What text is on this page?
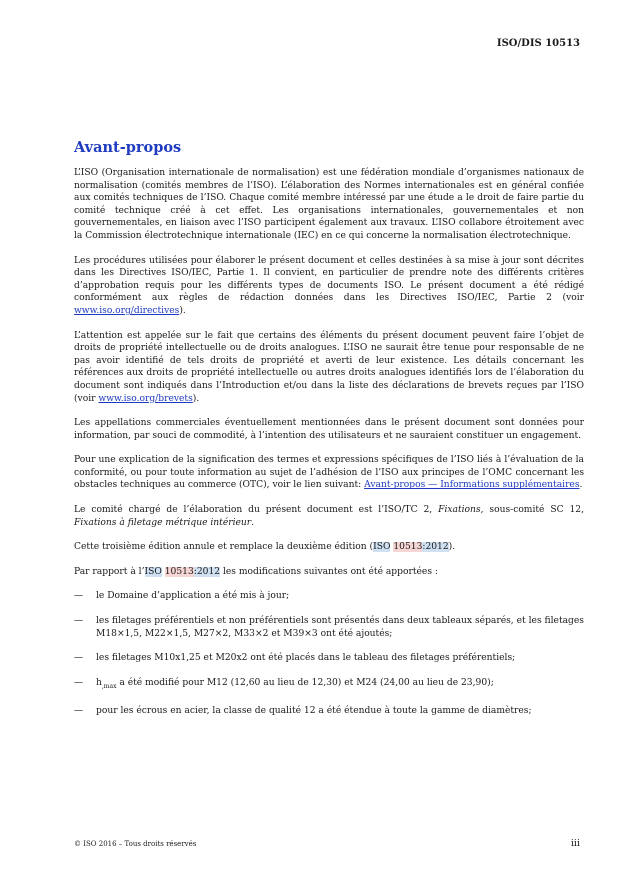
ISO/DIS 10513
Avant-propos

L’ISO (Organisation internationale de normalisation) est une fédération mondiale d’organismes nationaux de normalisation (comités membres de l’ISO). L’élaboration des Normes internationales est en général confiée aux comités techniques de l’ISO. Chaque comité membre intéressé par une étude a le droit de faire partie du comité technique créé à cet effet. Les organisations internationales, gouvernementales et non gouvernementales, en liaison avec l’ISO participent également aux travaux. L’ISO collabore étroitement avec la Commission électrotechnique internationale (IEC) en ce qui concerne la normalisation électrotechnique.

Les procédures utilisées pour élaborer le présent document et celles destinées à sa mise à jour sont décrites dans les Directives ISO/IEC, Partie 1. Il convient, en particulier de prendre note des différents critères d’approbation requis pour les différents types de documents ISO. Le présent document a été rédigé conformément aux règles de rédaction données dans les Directives ISO/IEC, Partie 2 (voir www.iso.org/directives).

L’attention est appelée sur le fait que certains des éléments du présent document peuvent faire l’objet de droits de propriété intellectuelle ou de droits analogues. L’ISO ne saurait être tenue pour responsable de ne pas avoir identifié de tels droits de propriété et averti de leur existence. Les détails concernant les références aux droits de propriété intellectuelle ou autres droits analogues identifiés lors de l’élaboration du document sont indiqués dans l’Introduction et/ou dans la liste des déclarations de brevets reçues par l’ISO (voir www.iso.org/brevets).

Les appellations commerciales éventuellement mentionnées dans le présent document sont données pour information, par souci de commodité, à l’intention des utilisateurs et ne sauraient constituer un engagement.

Pour une explication de la signification des termes et expressions spécifiques de l’ISO liés à l’évaluation de la conformité, ou pour toute information au sujet de l’adhésion de l’ISO aux principes de l’OMC concernant les obstacles techniques au commerce (OTC), voir le lien suivant: Avant-propos — Informations supplémentaires.

Le comité chargé de l’élaboration du présent document est l’ISO/TC 2, Fixations, sous-comité SC 12, Fixations à filetage métrique intérieur.

Cette troisième édition annule et remplace la deuxième édition (ISO 10513:2012).

Par rapport à l’ISO 10513:2012 les modifications suivantes ont été apportées :

—	le Domaine d’application a été mis à jour;
—	les filetages préférentiels et non préférentiels sont présentés dans deux tableaux séparés, et les filetages M18×1,5, M22×1,5, M27×2, M33×2 et M39×3 ont été ajoutés;
—	les filetages M10x1,25 et M20x2 ont été placés dans le tableau des filetages préférentiels;
—	$h_{,max}$ a été modifié pour M12 (12,60 au lieu de 12,30) et M24 (24,00 au lieu de 23,90);
—	pour les écrous en acier, la classe de qualité 12 a été étendue à toute la gamme de diamètres;
© ISO 2016 – Tous droits réservés	iii
